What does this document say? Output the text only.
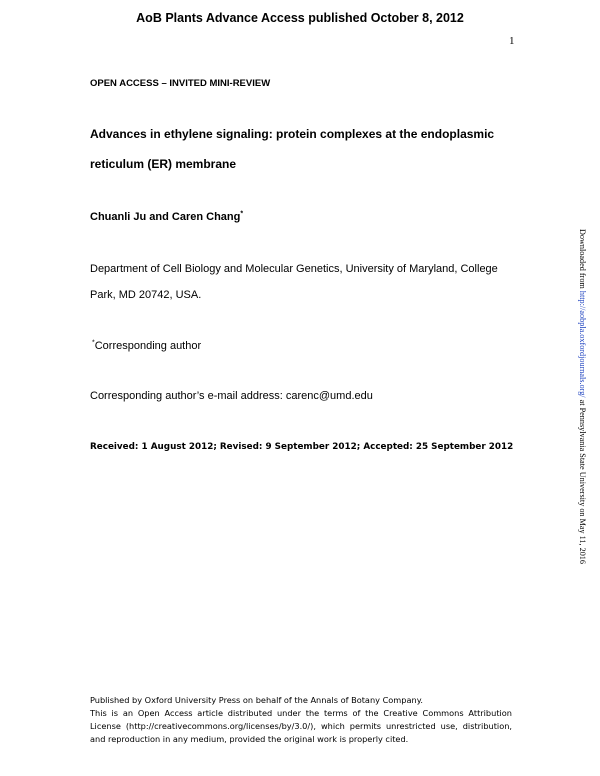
AoB Plants Advance Access published October 8, 2012
1
OPEN ACCESS – INVITED MINI-REVIEW
Advances in ethylene signaling: protein complexes at the endoplasmic
reticulum (ER) membrane
Chuanli Ju and Caren Chang*
Department of Cell Biology and Molecular Genetics, University of Maryland, College
Park, MD 20742, USA.
*Corresponding author
Corresponding author’s e-mail address: carenc@umd.edu
Received: 1 August 2012; Revised: 9 September 2012; Accepted: 25 September 2012
Downloaded from http://aobpla.oxfordjournals.org/ at Pennsylvania State University on May 11, 2016
Published by Oxford University Press on behalf of the Annals of Botany Company.
This is an Open Access article distributed under the terms of the Creative Commons Attribution License (http://creativecommons.org/licenses/by/3.0/), which permits unrestricted use, distribution, and reproduction in any medium, provided the original work is properly cited.
